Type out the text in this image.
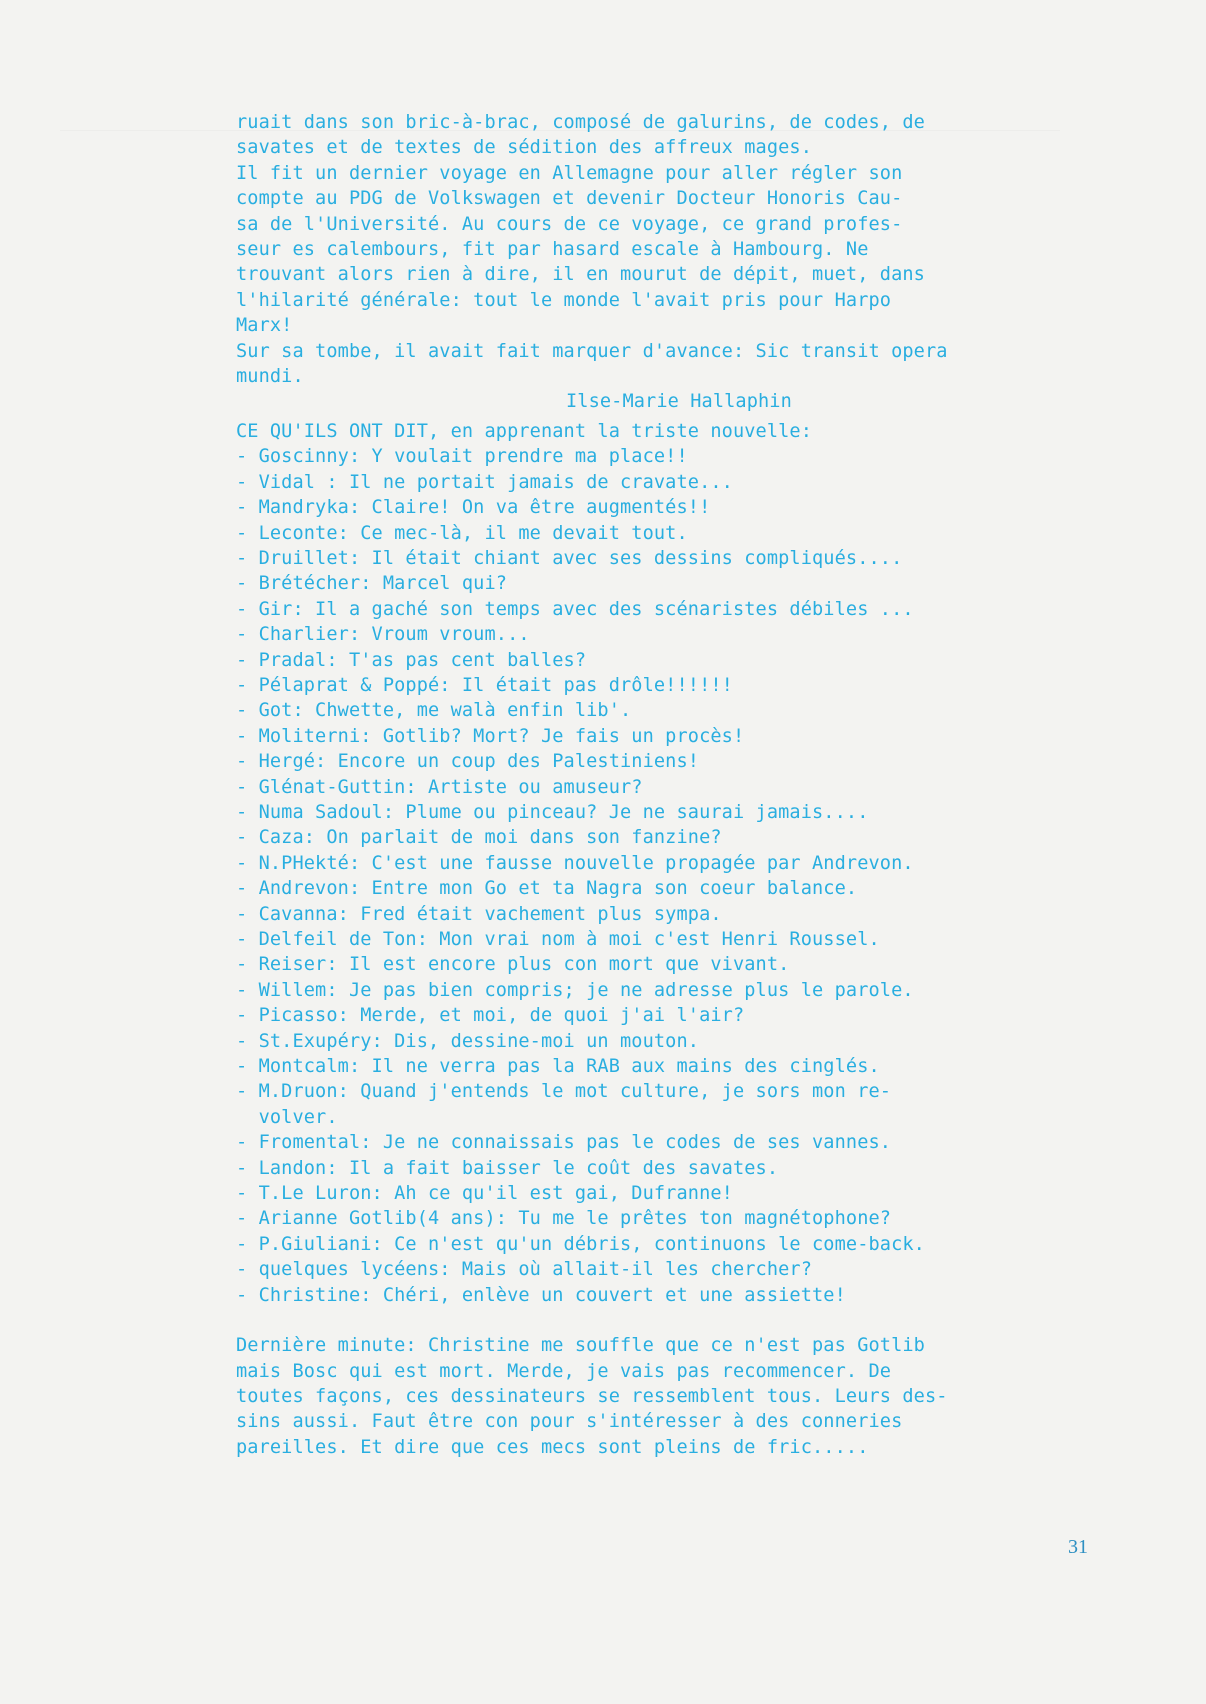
ruait dans son bric-à-brac, composé de galurins, de codes, de
savates et de textes de sédition des affreux mages.
Il fit un dernier voyage en Allemagne pour aller régler son
compte au PDG de Volkswagen et devenir Docteur Honoris Cau-
sa de l'Université. Au cours de ce voyage, ce grand profes-
seur es calembours, fit par hasard escale à Hambourg. Ne
trouvant alors rien à dire, il en mourut de dépit, muet, dans
l'hilarité générale: tout le monde l'avait pris pour Harpo
Marx!
Sur sa tombe, il avait fait marquer d'avance: Sic transit opera
mundi.
Ilse-Marie Hallaphin
CE QU'ILS ONT DIT, en apprenant la triste nouvelle:
- Goscinny: Y voulait prendre ma place!!
- Vidal : Il ne portait jamais de cravate...
- Mandryka: Claire! On va être augmentés!!
- Leconte: Ce mec-là, il me devait tout.
- Druillet: Il était chiant avec ses dessins compliqués....
- Brétécher: Marcel qui?
- Gir: Il a gaché son temps avec des scénaristes débiles ...
- Charlier: Vroum vroum...
- Pradal: T'as pas cent balles?
- Pélaprat & Poppé: Il était pas drôle!!!!!!
- Got: Chwette, me walà enfin lib'.
- Moliterni: Gotlib? Mort? Je fais un procès!
- Hergé: Encore un coup des Palestiniens!
- Glénat-Guttin: Artiste ou amuseur?
- Numa Sadoul: Plume ou pinceau? Je ne saurai jamais....
- Caza: On parlait de moi dans son fanzine?
- N.PHekté: C'est une fausse nouvelle propagée par Andrevon.
- Andrevon: Entre mon Go et ta Nagra son coeur balance.
- Cavanna: Fred était vachement plus sympa.
- Delfeil de Ton: Mon vrai nom à moi c'est Henri Roussel.
- Reiser: Il est encore plus con mort que vivant.
- Willem: Je pas bien compris; je ne adresse plus le parole.
- Picasso: Merde, et moi, de quoi j'ai l'air?
- St.Exupéry: Dis, dessine-moi un mouton.
- Montcalm: Il ne verra pas la RAB aux mains des cinglés.
- M.Druon: Quand j'entends le mot culture, je sors mon re-
volver.
- Fromental: Je ne connaissais pas le codes de ses vannes.
- Landon: Il a fait baisser le coût des savates.
- T.Le Luron: Ah ce qu'il est gai, Dufranne!
- Arianne Gotlib(4 ans): Tu me le prêtes ton magnétophone?
- P.Giuliani: Ce n'est qu'un débris, continuons le come-back.
- quelques lycéens: Mais où allait-il les chercher?
- Christine: Chéri, enlève un couvert et une assiette!
Dernière minute: Christine me souffle que ce n'est pas Gotlib
mais Bosc qui est mort. Merde, je vais pas recommencer. De
toutes façons, ces dessinateurs se ressemblent tous. Leurs des-
sins aussi. Faut être con pour s'intéresser à des conneries
pareilles. Et dire que ces mecs sont pleins de fric.....
31
